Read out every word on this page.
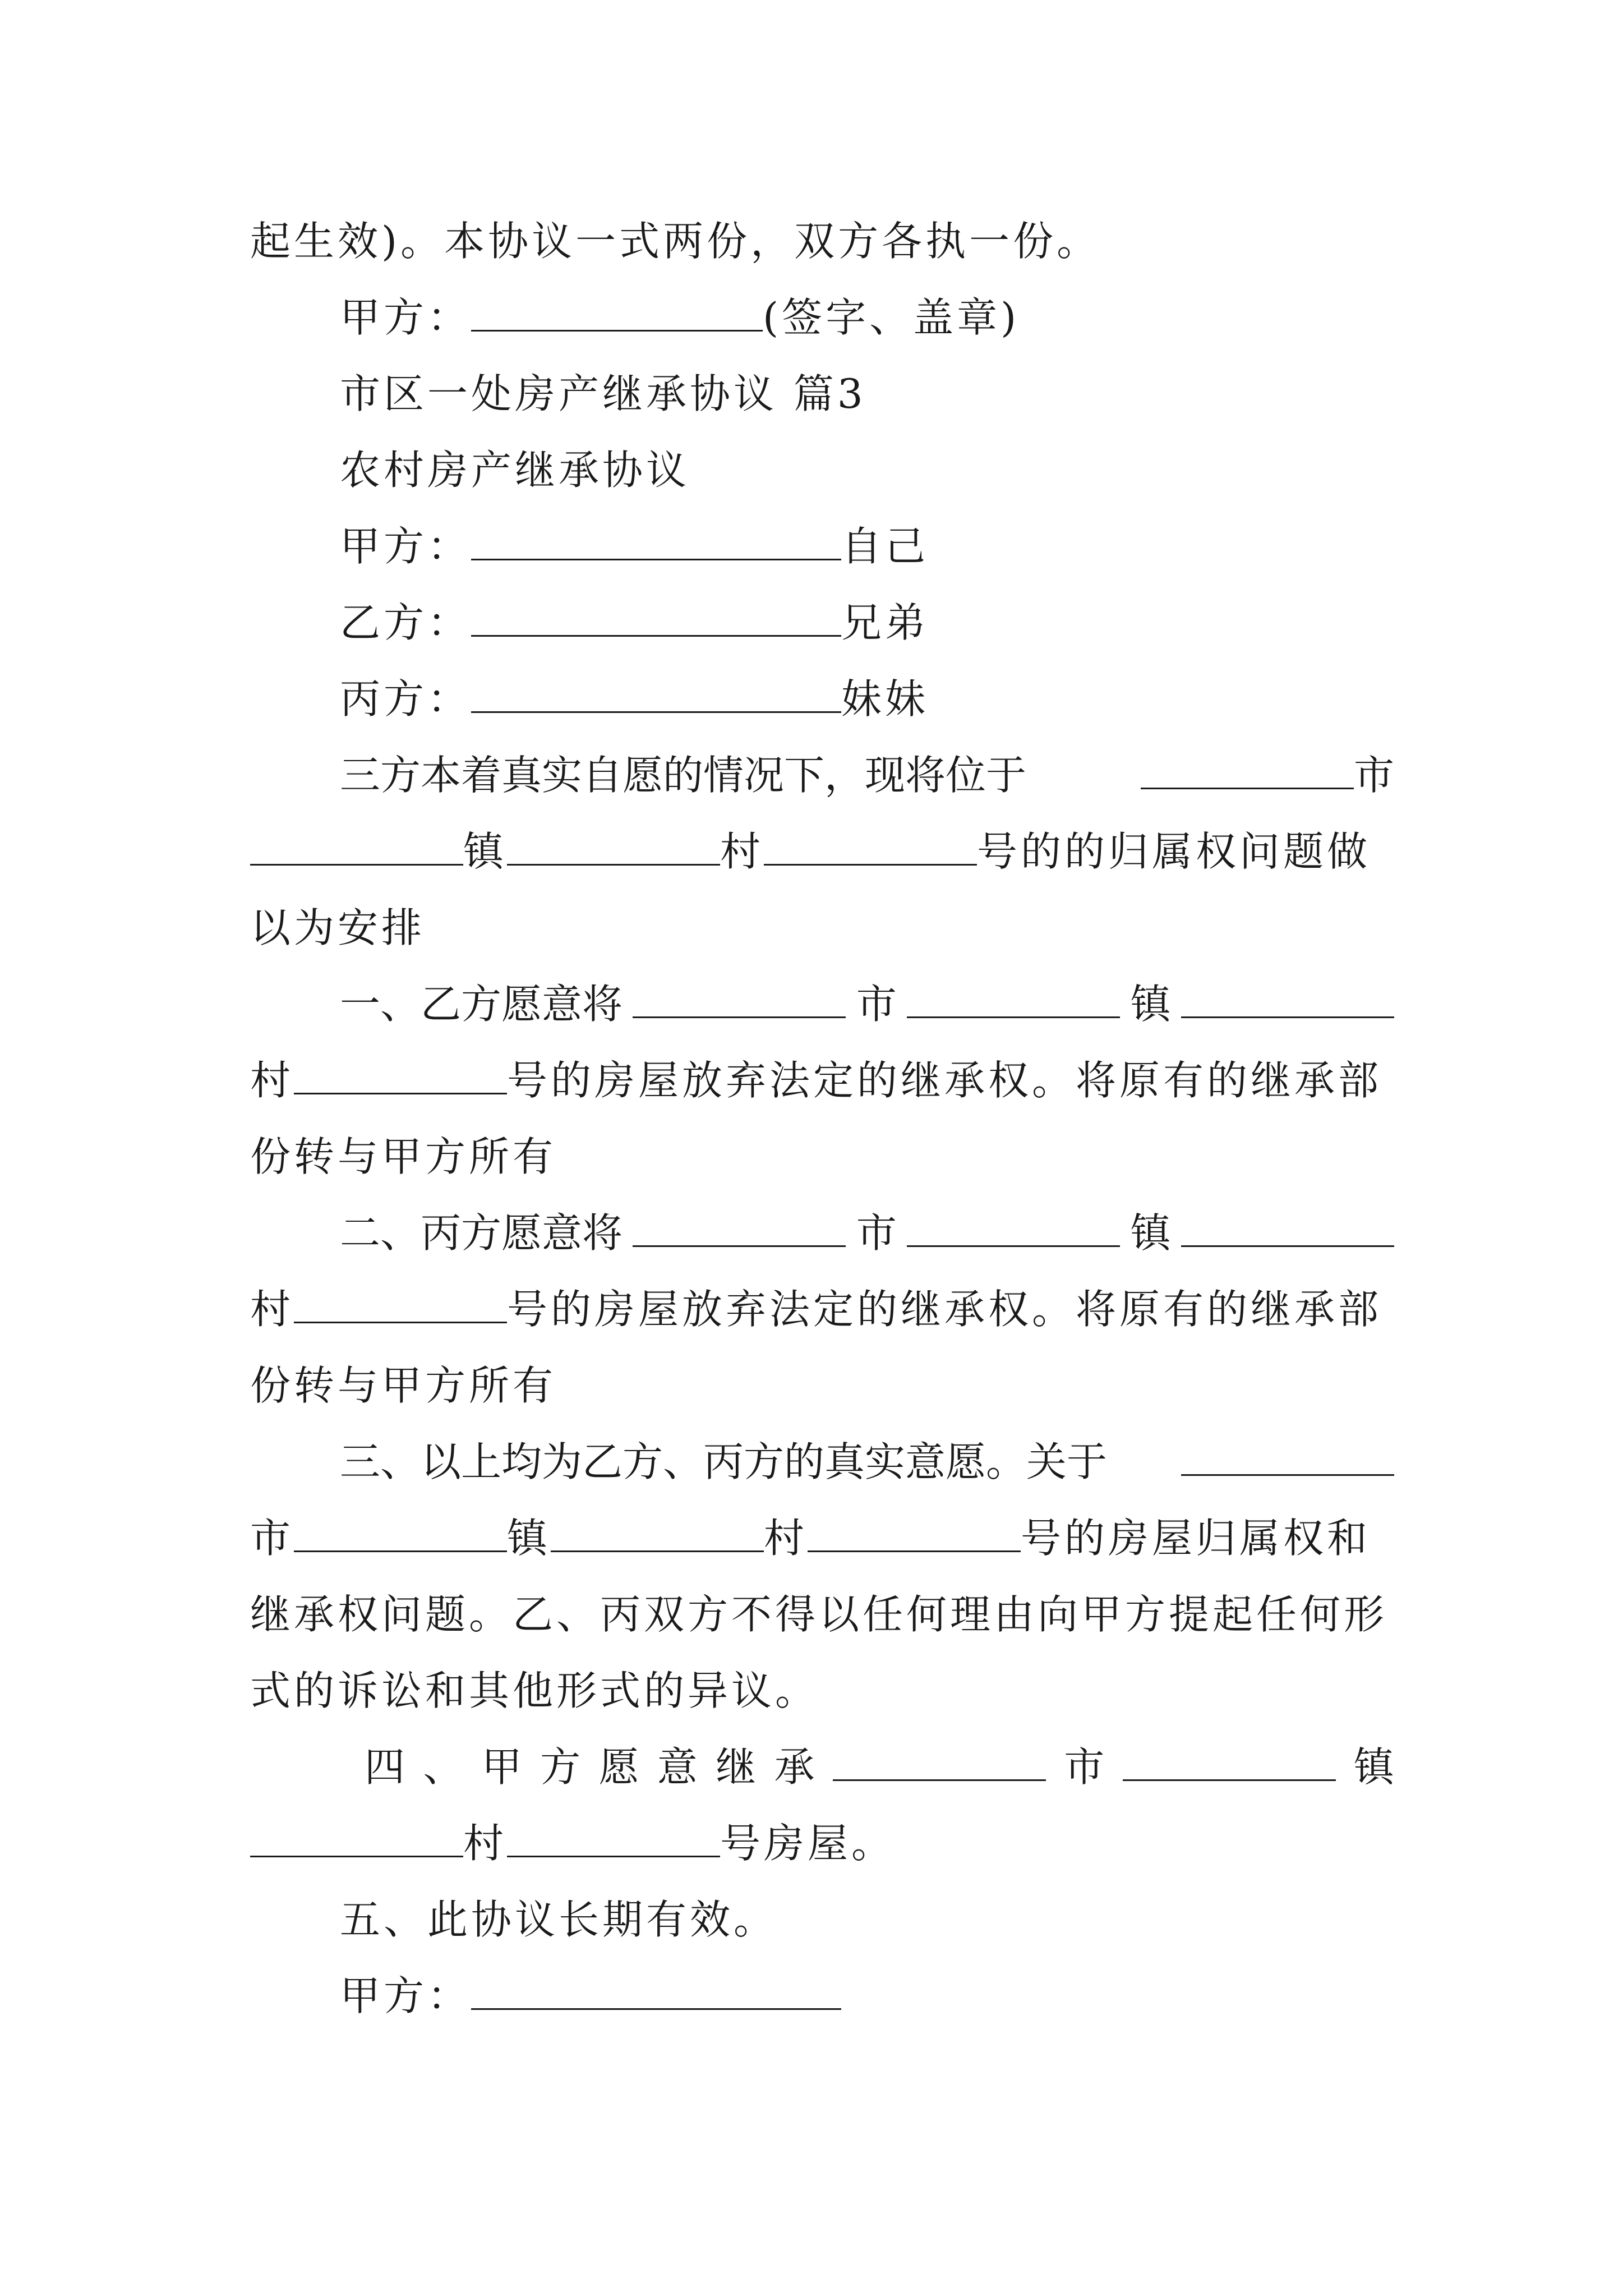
起生效)。本协议一式两份，双方各执一份。
甲方：	(签字、盖章)
市区一处房产继承协议 篇3
农村房产继承协议
甲方：	自己
乙方：	兄弟
丙方：	妹妹
三方本着真实自愿的情况下，现将位于	市
镇	村	号的的归属权问题做
以为安排
一、乙方愿意将	市	镇
村	号的房屋放弃法定的继承权。将原有的继承部
份转与甲方所有
二、丙方愿意将	市	镇
村	号的房屋放弃法定的继承权。将原有的继承部
份转与甲方所有
三、以上均为乙方、丙方的真实意愿。关于
市	镇	村	号的房屋归属权和
继承权问题。乙、丙双方不得以任何理由向甲方提起任何形
式的诉讼和其他形式的异议。
四 、 甲 方 愿 意 继 承	市	镇
村	号房屋。
五、此协议长期有效。
甲方：
